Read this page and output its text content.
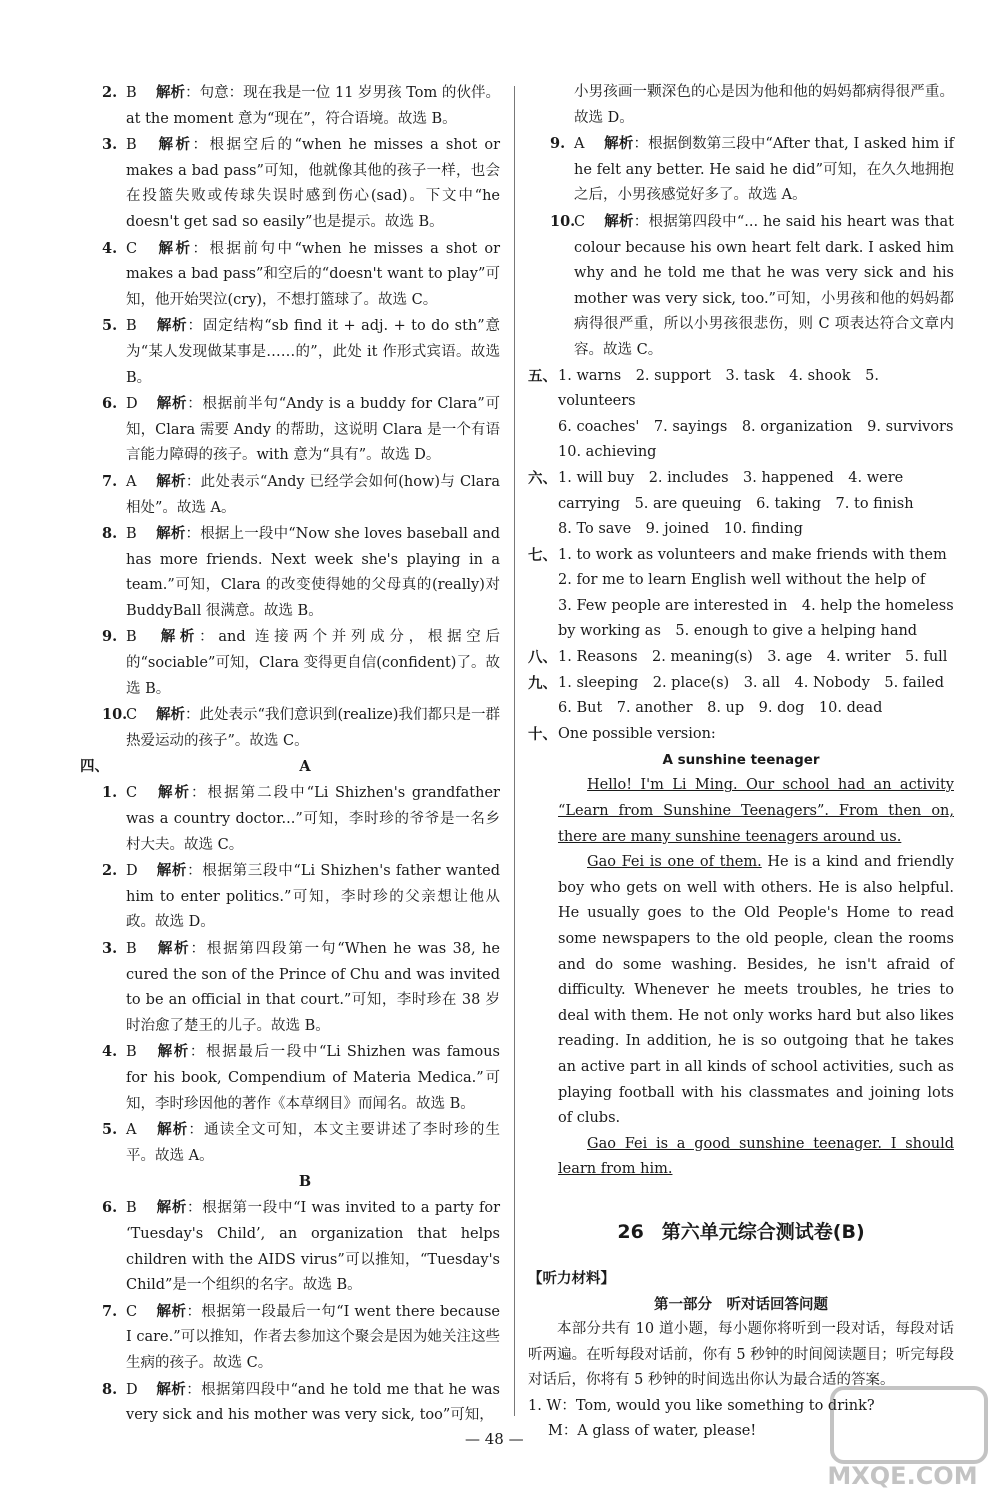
2. B 解析：句意：现在我是一位 11 岁男孩 Tom 的伙伴。at the moment 意为“现在”，符合语境。故选 B。
3. B 解析：根据空后的“when he misses a shot or makes a bad pass”可知，他就像其他的孩子一样，也会在投篮失败或传球失误时感到伤心(sad)。下文中“he doesn't get sad so easily”也是提示。故选 B。
4. C 解析：根据前句中“when he misses a shot or makes a bad pass”和空后的“doesn't want to play”可知，他开始哭泣(cry)，不想打篮球了。故选 C。
5. B 解析：固定结构“sb find it + adj. + to do sth”意为“某人发现做某事是……的”，此处 it 作形式宾语。故选 B。
6. D 解析：根据前半句“Andy is a buddy for Clara”可知，Clara 需要 Andy 的帮助，这说明 Clara 是一个有语言能力障碍的孩子。with 意为“具有”。故选 D。
7. A 解析：此处表示“Andy 已经学会如何(how)与 Clara 相处”。故选 A。
8. B 解析：根据上一段中“Now she loves baseball and has more friends. Next week she's playing in a team.”可知，Clara 的改变使得她的父母真的(really)对 BuddyBall 很满意。故选 B。
9. B 解析：and 连接两个并列成分，根据空后的“sociable”可知，Clara 变得更自信(confident)了。故选 B。
10.
C 解析：此处表示“我们意识到(realize)我们都只是一群热爱运动的孩子”。故选 C。
四、	A
1. C 解析：根据第二段中“Li Shizhen's grandfather was a country doctor...”可知，李时珍的爷爷是一名乡村大夫。故选 C。
2. D 解析：根据第三段中“Li Shizhen's father wanted him to enter politics.”可知，李时珍的父亲想让他从政。故选 D。
3. B 解析：根据第四段第一句“When he was 38, he cured the son of the Prince of Chu and was invited to be an official in that court.”可知，李时珍在 38 岁时治愈了楚王的儿子。故选 B。
4. B 解析：根据最后一段中“Li Shizhen was famous for his book, Compendium of Materia Medica.”可知，李时珍因他的著作《本草纲目》而闻名。故选 B。
5. A 解析：通读全文可知，本文主要讲述了李时珍的生平。故选 A。
B
6. B 解析：根据第一段中“I was invited to a party for ‘Tuesday's Child’, an organization that helps children with the AIDS virus”可以推知，“Tuesday's Child”是一个组织的名字。故选 B。
7. C 解析：根据第一段最后一句“I went there because I care.”可以推知，作者去参加这个聚会是因为她关注这些生病的孩子。故选 C。
8. D 解析：根据第四段中“and he told me that he was very sick and his mother was very sick, too”可知，
小男孩画一颗深色的心是因为他和他的妈妈都病得很严重。故选 D。
9. A 解析：根据倒数第三段中“After that, I asked him if he felt any better. He said he did”可知，在久久地拥抱之后，小男孩感觉好多了。故选 A。
10.
C 解析：根据第四段中“... he said his heart was that colour because his own heart felt dark. I asked him why and he told me that he was very sick and his mother was very sick, too.”可知，小男孩和他的妈妈都病得很严重，所以小男孩很悲伤，则 C 项表达符合文章内容。故选 C。
五、 1. warns　2. support　3. task　4. shook　5. volunteers
6. coaches'　7. sayings　8. organization　9. survivors
10. achieving
六、 1. will buy　2. includes　3. happened　4. were
carrying　5. are queuing　6. taking　7. to finish
8. To save　9. joined　10. finding
七、 1. to work as volunteers and make friends with them
2. for me to learn English well without the help of
3. Few people are interested in　4. help the homeless
by working as　5. enough to give a helping hand
八、 1. Reasons　2. meaning(s)　3. age　4. writer　5. full
九、 1. sleeping　2. place(s)　3. all　4. Nobody　5. failed
6. But　7. another　8. up　9. dog　10. dead
十、 One possible version:
A sunshine teenager
Hello! I'm Li Ming. Our school had an activity “Learn from Sunshine Teenagers”. From then on, there are many sunshine teenagers around us.
Gao Fei is one of them. He is a kind and friendly boy who gets on well with others. He is also helpful. He usually goes to the Old People's Home to read some newspapers to the old people, clean the rooms and do some washing. Besides, he isn't afraid of difficulty. Whenever he meets troubles, he tries to deal with them. He not only works hard but also likes reading. In addition, he is so outgoing that he takes an active part in all kinds of school activities, such as playing football with his classmates and joining lots of clubs.
Gao Fei is a good sunshine teenager. I should learn from him.
26 第六单元综合测试卷(B)
【听力材料】
第一部分　听对话回答问题
本部分共有 10 道小题，每小题你将听到一段对话，每段对话听两遍。在听每段对话前，你有 5 秒钟的时间阅读题目；听完每段对话后，你将有 5 秒钟的时间选出你认为最合适的答案。
1. W：Tom, would you like something to drink?
M：A glass of water, please!
— 48 —
MXQE.COM
